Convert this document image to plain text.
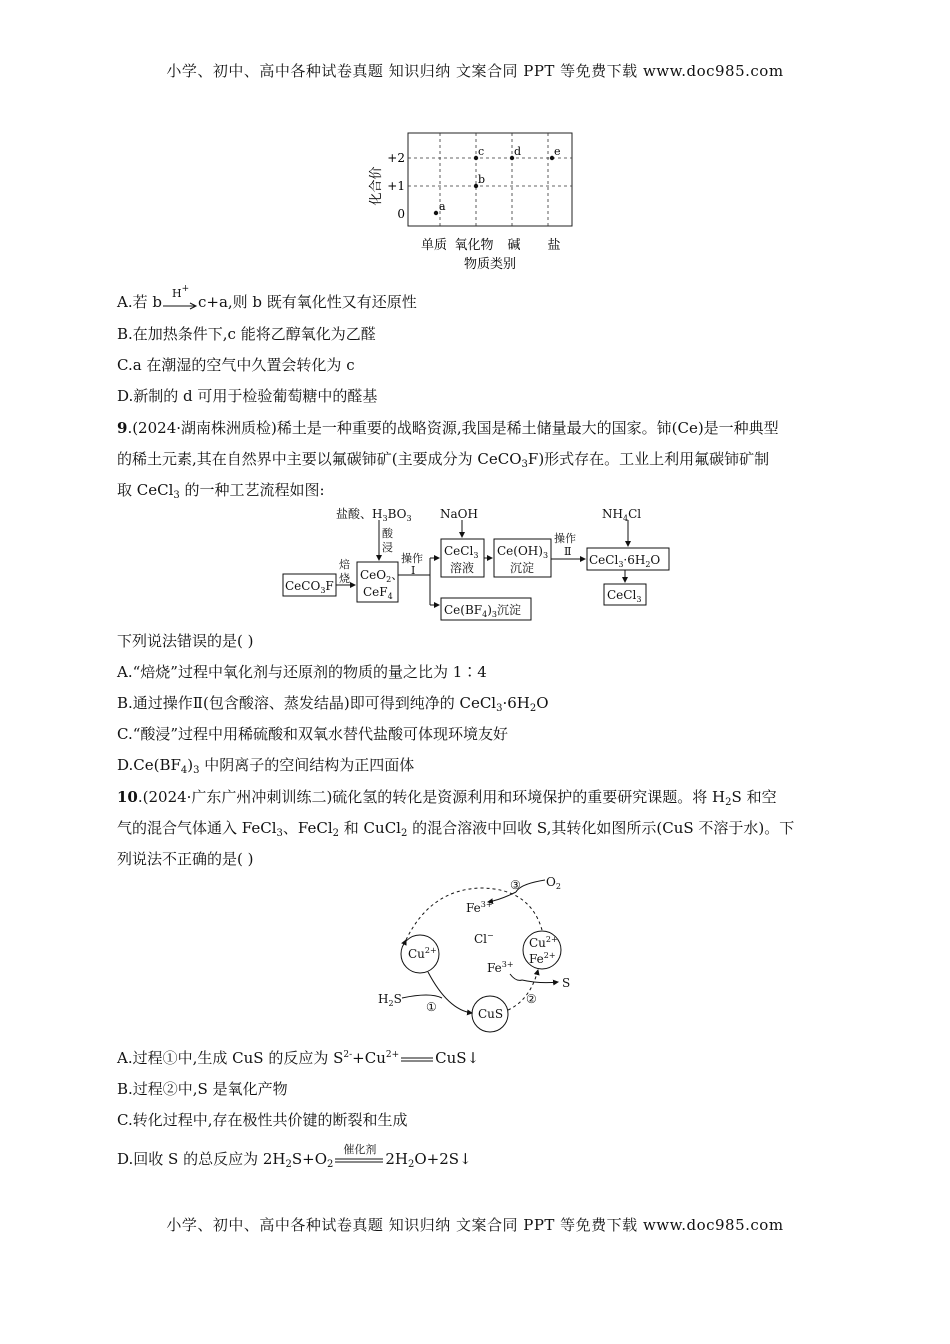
小学、初中、高中各种试卷真题 知识归纳 文案合同 PPT 等免费下载 www.doc985.com
化合价
+2
+1
0
a
b
c	d	e
单质 氧化物 碱 盐
物质类别
A.若 b H+
c+a,则 b 既有氧化性又有还原性
B.在加热条件下,c 能将乙醇氧化为乙醛
C.a 在潮湿的空气中久置会转化为 c
D.新制的 d 可用于检验葡萄糖中的醛基
9.(2024·湖南株洲质检)稀土是一种重要的战略资源,我国是稀土储量最大的国家。铈(Ce)是一种典型
的稀土元素,其在自然界中主要以氟碳铈矿(主要成分为 CeCO$_3$F)形式存在。工业上利用氟碳铈矿制
取 CeCl$_3$ 的一种工艺流程如图:
盐酸、$H_3BO_3$ NaOH	$NH_4Cl$
酸
浸
焙
烧
操作
Ⅰ
操作
Ⅱ
CeCO$_3$F
CeO$_2$、
CeF$_4$
CeCl$_3$
溶液
$Ce(OH)_3$
沉淀
$CeCl_3\cdot 6H_2O$
CeCl$_3$
$Ce(BF_4)_3$沉淀
下列说法错误的是( )
A.“焙烧”过程中氧化剂与还原剂的物质的量之比为 1∶4
B.通过操作Ⅱ(包含酸溶、蒸发结晶)即可得到纯净的 $CeCl_3\cdot 6H_2O$
C.“酸浸”过程中用稀硫酸和双氧水替代盐酸可体现环境友好
$D.Ce(BF_4)_3$ 中阴离子的空间结构为正四面体
10.(2024·广东广州冲刺训练二)硫化氢的转化是资源利用和环境保护的重要研究课题。将 $H_2S$ 和空
气的混合气体通入 FeCl$_3$、FeCl$_2$ 和 CuCl$_2$ 的混合溶液中回收 S,其转化如图所示(CuS 不溶于水)。下
列说法不正确的是( )
$Cu^{2+}$
Cl−
$Cu^{2+}$
$Fe^{2+}$
$Fe^{3+}$
$Fe^{3+}$
$O_2$
$H_2S$
CuS
S
①
②
③
A.过程①中,生成 CuS 的反应为 $S^{2-}+Cu^{2+}$ CuS↓
B.过程②中,S 是氧化产物
C.转化过程中,存在极性共价键的断裂和生成
D.回收 S 的总反应为 $2H_2S+O_2$
催化剂
$2H_2O+2S↓$
小学、初中、高中各种试卷真题 知识归纳 文案合同 PPT 等免费下载 www.doc985.com
